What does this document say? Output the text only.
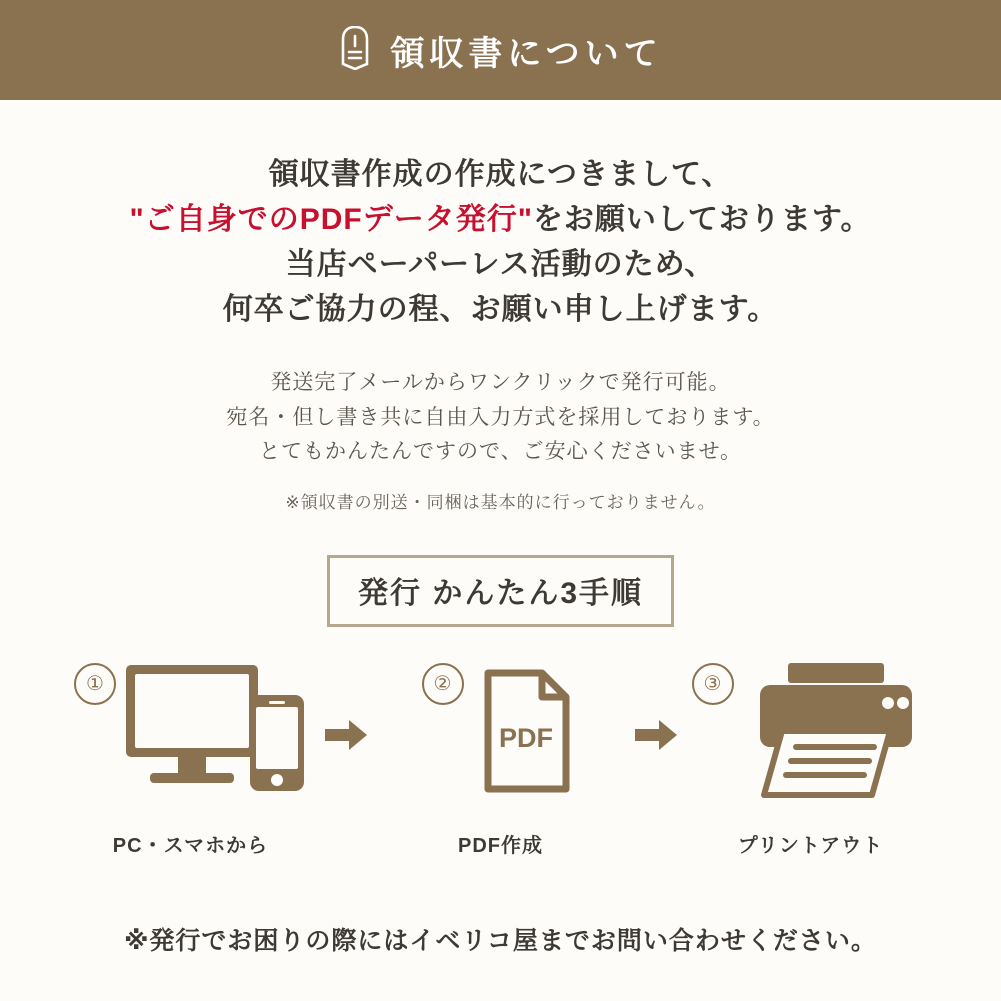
領収書について
領収書作成の作成につきまして、
"ご自身でのPDFデータ発行"をお願いしております。
当店ペーパーレス活動のため、
何卒ご協力の程、お願い申し上げます。
発送完了メールからワンクリックで発行可能。
宛名・但し書き共に自由入力方式を採用しております。
とてもかんたんですので、ご安心くださいませ。
※領収書の別送・同梱は基本的に行っておりません。
発行 かんたん3手順
①
PC・スマホから
②
PDF
PDF作成
③
プリントアウト
※発行でお困りの際にはイベリコ屋までお問い合わせください。
